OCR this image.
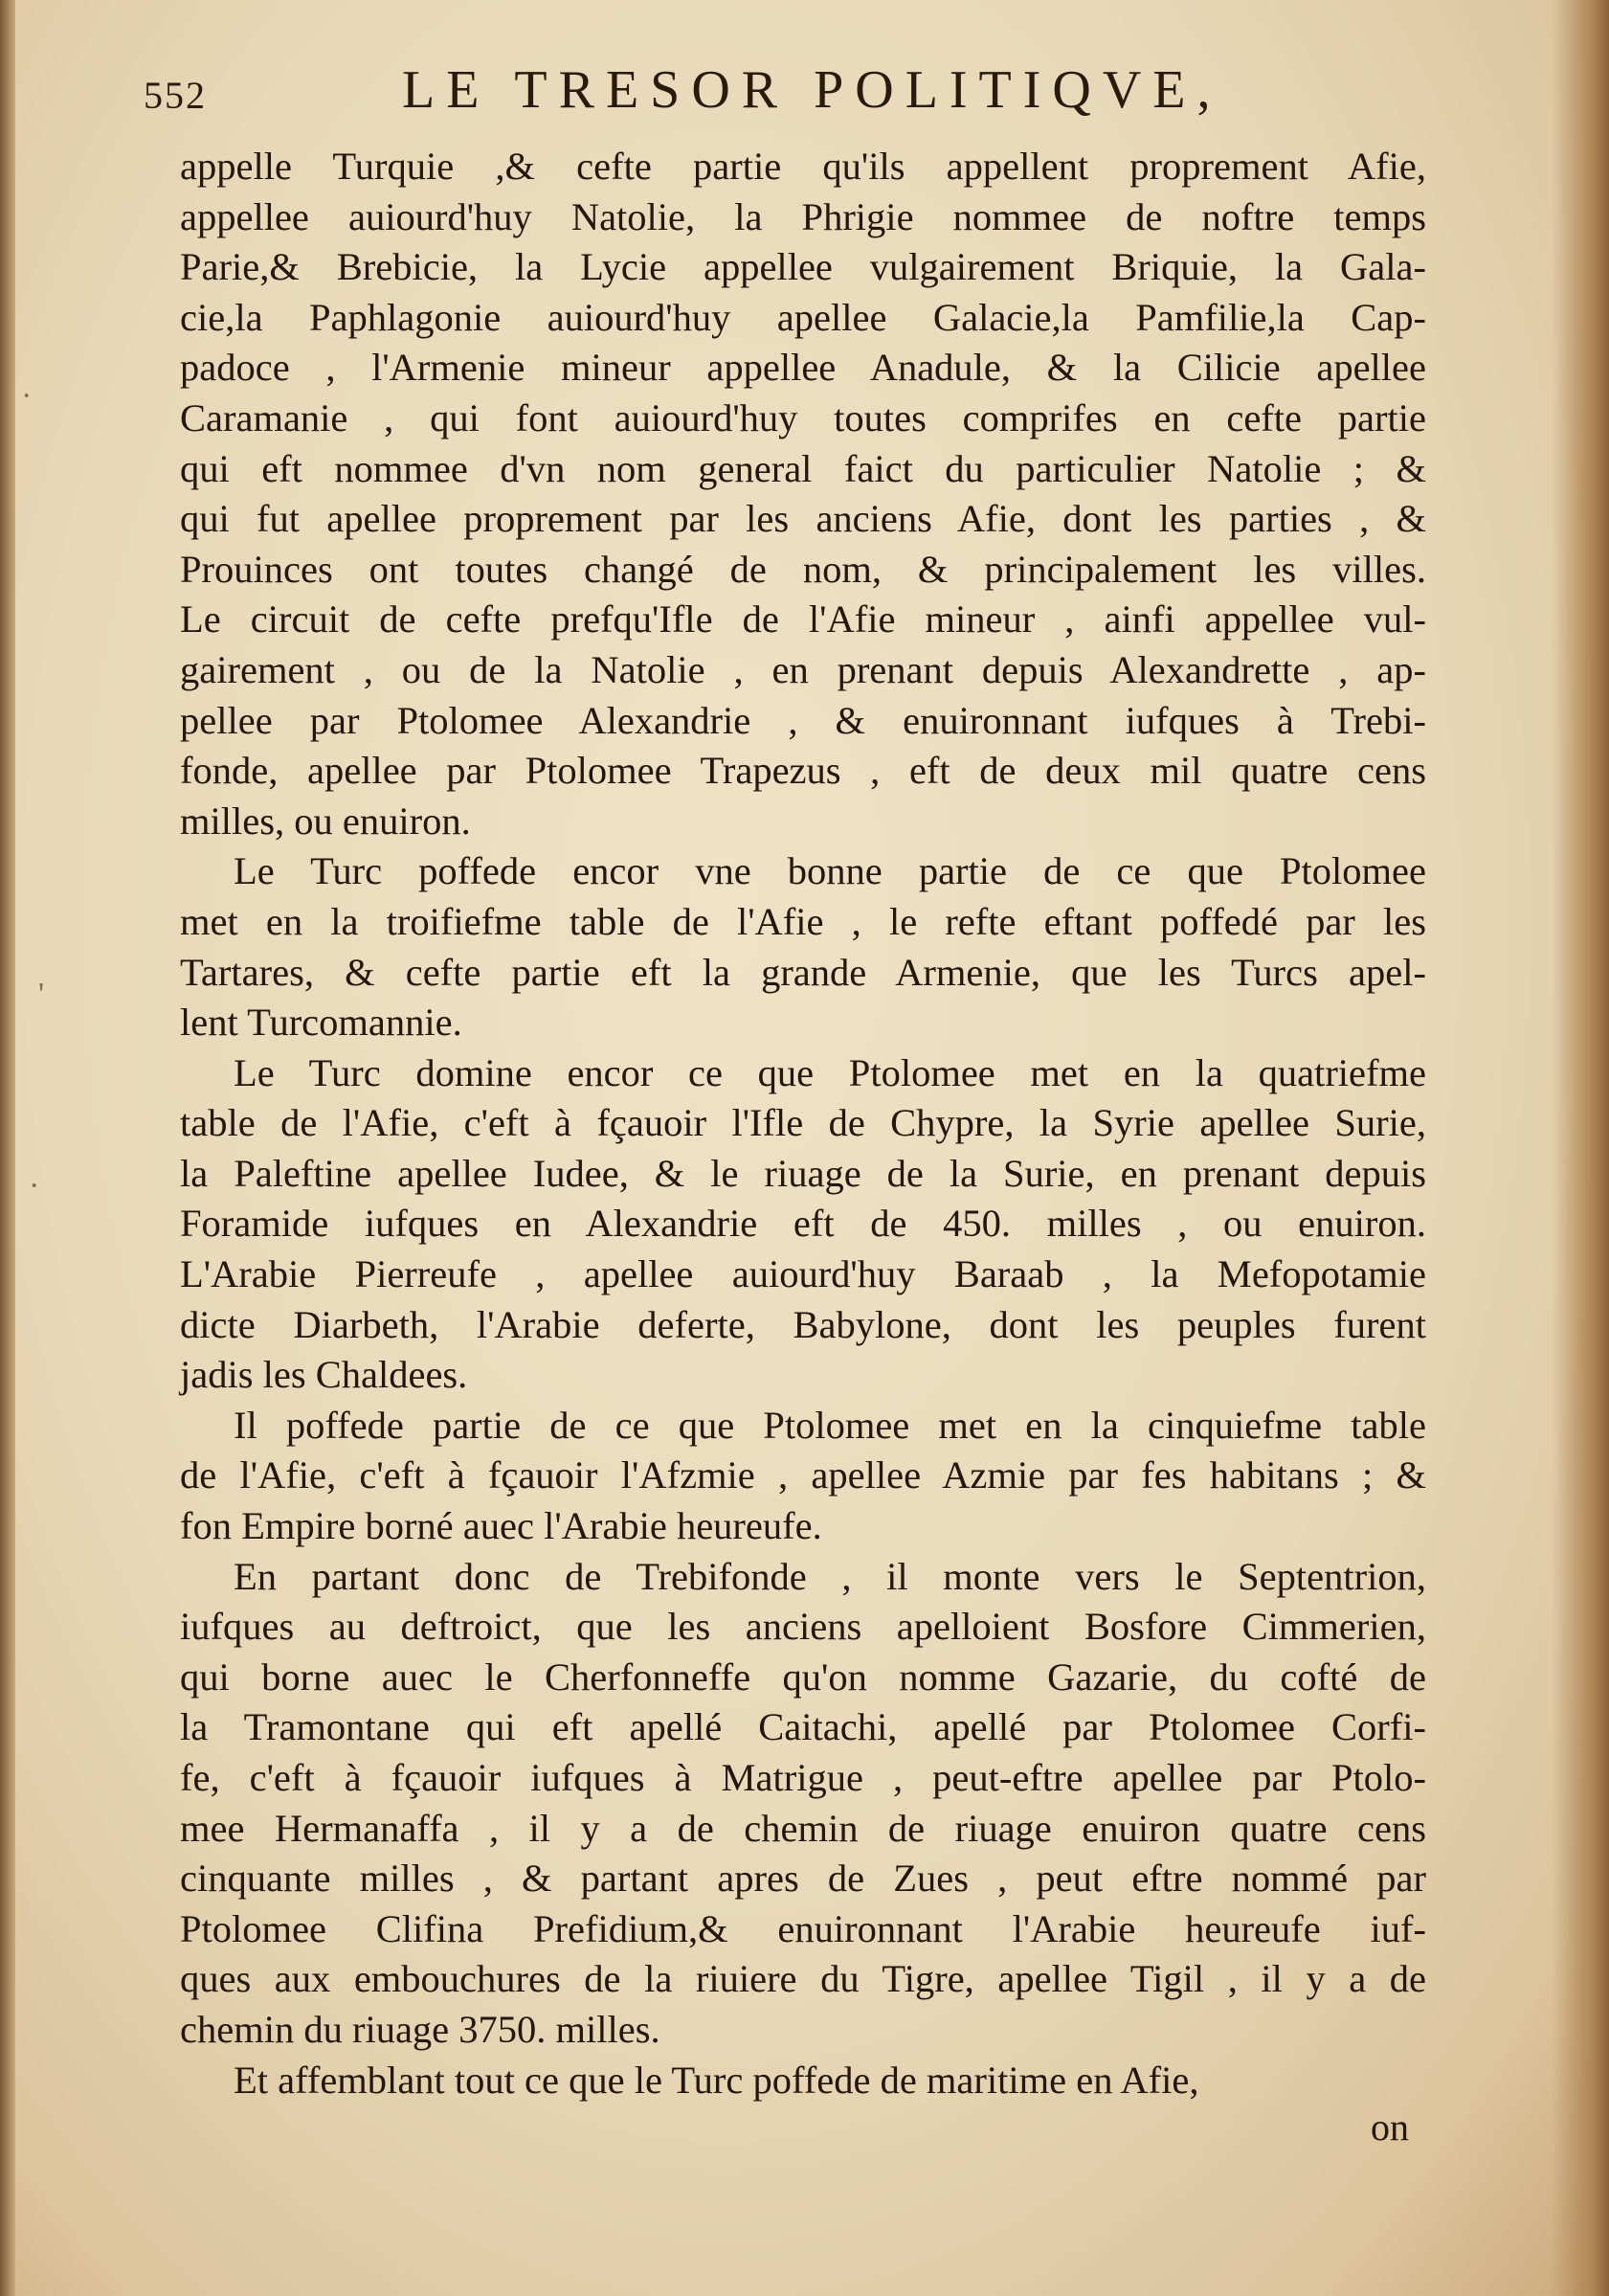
552	LE TRESOR POLITIQVE,
appelle Turquie ,& cefte partie qu'ils appellent proprement Afie,
appellee auiourd'huy Natolie, la Phrigie nommee de noftre temps
Parie,& Brebicie, la Lycie appellee vulgairement Briquie, la Gala-
cie,la Paphlagonie auiourd'huy apellee Galacie,la Pamfilie,la Cap-
padoce , l'Armenie mineur appellee Anadule, & la Cilicie apellee
Caramanie , qui font auiourd'huy toutes comprifes en cefte partie
qui eft nommee d'vn nom general faict du particulier Natolie ; &
qui fut apellee proprement par les anciens Afie, dont les parties , &
Prouinces ont toutes changé de nom, & principalement les villes.
Le circuit de cefte prefqu'Ifle de l'Afie mineur , ainfi appellee vul-
gairement , ou de la Natolie , en prenant depuis Alexandrette , ap-
pellee par Ptolomee Alexandrie , & enuironnant iufques à Trebi-
fonde, apellee par Ptolomee Trapezus , eft de deux mil quatre cens
milles, ou enuiron.
Le Turc poffede encor vne bonne partie de ce que Ptolomee
met en la troifiefme table de l'Afie , le refte eftant poffedé par les
Tartares, & cefte partie eft la grande Armenie, que les Turcs apel-
lent Turcomannie.
Le Turc domine encor ce que Ptolomee met en la quatriefme
table de l'Afie, c'eft à fçauoir l'Ifle de Chypre, la Syrie apellee Surie,
la Paleftine apellee Iudee, & le riuage de la Surie, en prenant depuis
Foramide iufques en Alexandrie eft de 450. milles , ou enuiron.
L'Arabie Pierreufe , apellee auiourd'huy Baraab , la Mefopotamie
dicte Diarbeth, l'Arabie deferte, Babylone, dont les peuples furent
jadis les Chaldees.
Il poffede partie de ce que Ptolomee met en la cinquiefme table
de l'Afie, c'eft à fçauoir l'Afzmie , apellee Azmie par fes habitans ; &
fon Empire borné auec l'Arabie heureufe.
En partant donc de Trebifonde , il monte vers le Septentrion,
iufques au deftroict, que les anciens apelloient Bosfore Cimmerien,
qui borne auec le Cherfonneffe qu'on nomme Gazarie, du cofté de
la Tramontane qui eft apellé Caitachi, apellé par Ptolomee Corfi-
fe, c'eft à fçauoir iufques à Matrigue , peut-eftre apellee par Ptolo-
mee Hermanaffa , il y a de chemin de riuage enuiron quatre cens
cinquante milles , & partant apres de Zues , peut eftre nommé par
Ptolomee Clifina Prefidium,& enuironnant l'Arabie heureufe iuf-
ques aux embouchures de la riuiere du Tigre, apellee Tigil , il y a de
chemin du riuage 3750. milles.
Et affemblant tout ce que le Turc poffede de maritime en Afie,
on
·
'
·
